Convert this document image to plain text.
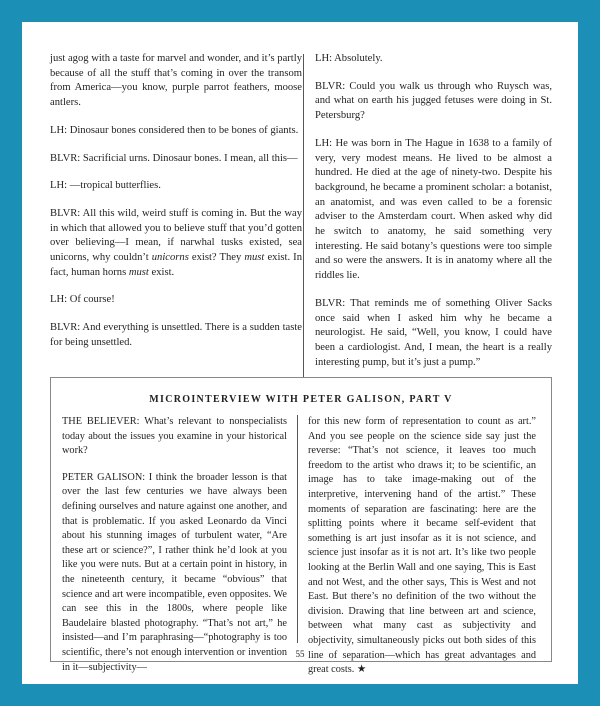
just agog with a taste for marvel and wonder, and it’s partly because of all the stuff that’s coming in over the transom from America—you know, purple parrot feathers, moose antlers.

LH: Dinosaur bones considered then to be bones of giants.

BLVR: Sacrificial urns. Dinosaur bones. I mean, all this—

LH: —tropical butterflies.

BLVR: All this wild, weird stuff is coming in. But the way in which that allowed you to believe stuff that you’d gotten over believing—I mean, if narwhal tusks existed, sea unicorns, why couldn’t unicorns exist? They must exist. In fact, human horns must exist.

LH: Of course!

BLVR: And everything is unsettled. There is a sudden taste for being unsettled.

LH: Absolutely.

BLVR: Could you walk us through who Ruysch was, and what on earth his jugged fetuses were doing in St. Petersburg?

LH: He was born in The Hague in 1638 to a family of very, very modest means. He lived to be almost a hundred. He died at the age of ninety-two. Despite his background, he became a prominent scholar: a botanist, an anatomist, and was even called to be a forensic adviser to the Amsterdam court. When asked why did he switch to anatomy, he said something very interesting. He said botany’s questions were too simple and so were the answers. It is in anatomy where all the riddles lie.

BLVR: That reminds me of something Oliver Sacks once said when I asked him why he became a neurologist. He said, “Well, you know, I could have been a cardiologist. And, I mean, the heart is a really interesting pump, but it’s just a pump.”

MICROINTERVIEW WITH PETER GALISON, PART V

THE BELIEVER: What’s relevant to nonspecialists today about the issues you examine in your historical work?

PETER GALISON: I think the broader lesson is that over the last few centuries we have always been defining ourselves and nature against one another, and that is problematic. If you asked Leonardo da Vinci about his stunning images of turbulent water, “Are these art or science?”, I rather think he’d look at you like you were nuts. But at a certain point in history, in the nineteenth century, it became “obvious” that science and art were incompatible, even opposites. We can see this in the 1800s, where people like Baudelaire blasted photography. “That’s not art,” he insisted—and I’m paraphrasing—“photography is too scientific, there’s not enough intervention or invention in it—subjectivity—

for this new form of representation to count as art.” And you see people on the science side say just the reverse: “That’s not science, it leaves too much freedom to the artist who draws it; to be scientific, an image has to take image-making out of the interpretive, intervening hand of the artist.” These moments of separation are fascinating: here are the splitting points where it became self-evident that something is art just insofar as it is not science, and science just insofar as it is not art. It’s like two people looking at the Berlin Wall and one saying, This is East and not West, and the other says, This is West and not East. But there’s no definition of the two without the division. Drawing that line between art and science, between what many cast as subjectivity and objectivity, simultaneously picks out both sides of this line of separation—which has great advantages and great costs. ★

55
